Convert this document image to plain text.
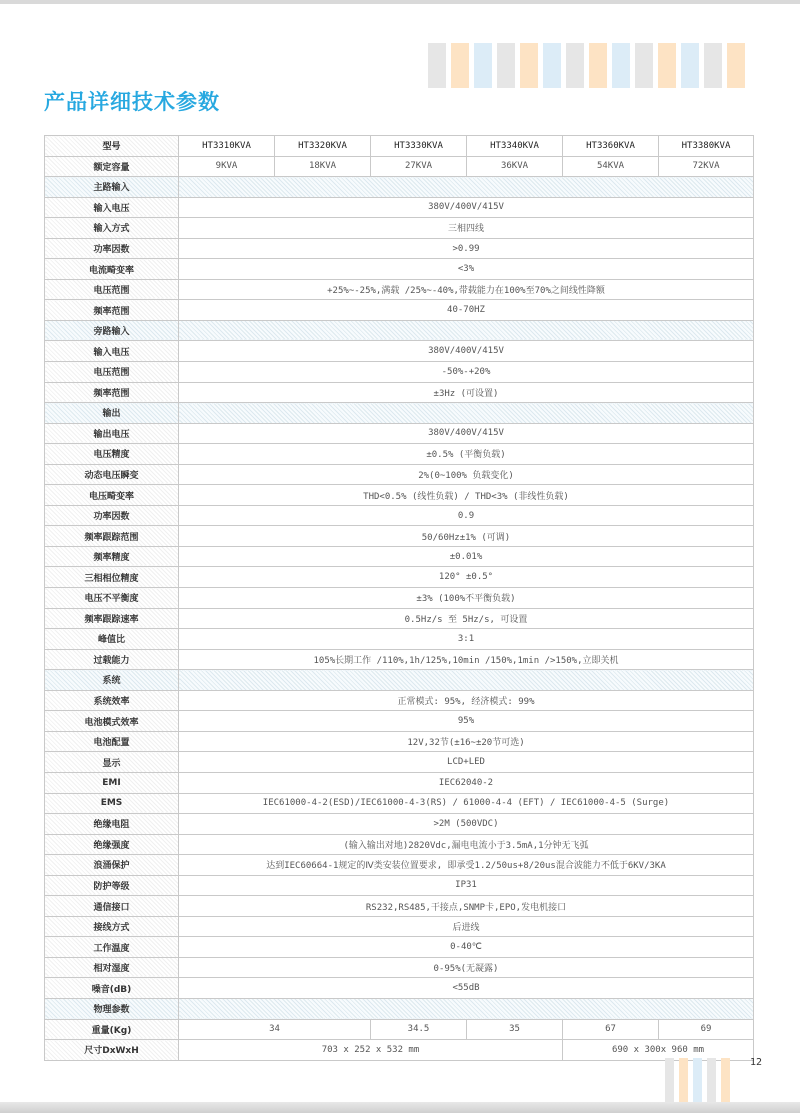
产品详细技术参数
型号	HT3310KVA	HT3320KVA	HT3330KVA	HT3340KVA	HT3360KVA	HT3380KVA
额定容量	9KVA	18KVA	27KVA	36KVA	54KVA	72KVA
主路输入						
输入电压	380V/400V/415V					
输入方式	三相四线					
功率因数	>0.99					
电流畸变率	<3%					
电压范围	+25%~-25%,满载 /25%~-40%,带载能力在100%至70%之间线性降额					
频率范围	40-70HZ					
旁路输入						
输入电压	380V/400V/415V					
电压范围	-50%-+20%					
频率范围	±3Hz (可设置)					
输出						
输出电压	380V/400V/415V					
电压精度	±0.5% (平衡负载)					
动态电压瞬变	2%(0~100% 负载变化)					
电压畸变率	THD<0.5% (线性负载) / THD<3% (非线性负载)					
功率因数	0.9					
频率跟踪范围	50/60Hz±1% (可调)					
频率精度	±0.01%					
三相相位精度	120° ±0.5°					
电压不平衡度	±3% (100%不平衡负载)					
频率跟踪速率	0.5Hz/s 至 5Hz/s, 可设置					
峰值比	3:1					
过载能力	105%长期工作 /110%,1h/125%,10min /150%,1min />150%,立即关机					
系统						
系统效率	正常模式: 95%, 经济模式: 99%					
电池模式效率	95%					
电池配置	12V,32节(±16~±20节可选)					
显示	LCD+LED					
EMI	IEC62040-2					
EMS	IEC61000-4-2(ESD)/IEC61000-4-3(RS) / 61000-4-4 (EFT) / IEC61000-4-5 (Surge)					
绝缘电阻	>2M (500VDC)					
绝缘强度	(输入输出对地)2820Vdc,漏电电流小于3.5mA,1分钟无飞弧					
浪涌保护	达到IEC60664-1规定的Ⅳ类安装位置要求, 即承受1.2/50us+8/20us混合波能力不低于6KV/3KA					
防护等级	IP31					
通信接口	RS232,RS485,干接点,SNMP卡,EPO,发电机接口					
接线方式	后进线					
工作温度	0-40℃					
相对湿度	0-95%(无凝露)					
噪音(dB)	<55dB					
物理参数						
重量(Kg)	34		34.5	35	67	69
尺寸DxWxH	703 x 252 x 532 mm				690 x 300x 960 mm	
12
